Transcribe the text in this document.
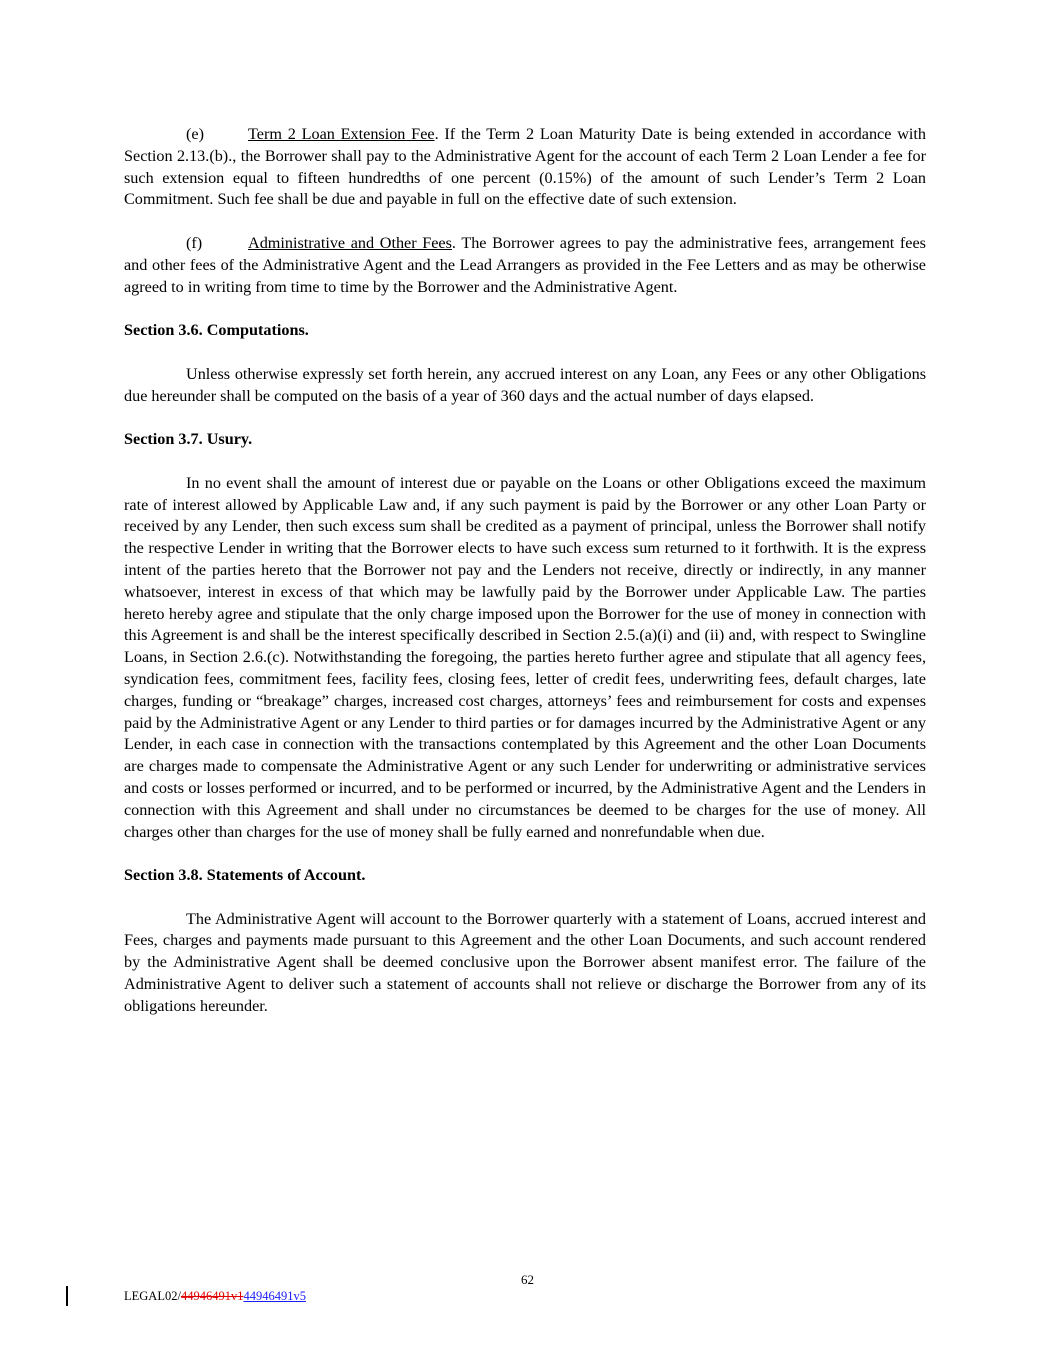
(e)	Term 2 Loan Extension Fee. If the Term 2 Loan Maturity Date is being extended in accordance with Section 2.13.(b)., the Borrower shall pay to the Administrative Agent for the account of each Term 2 Loan Lender a fee for such extension equal to fifteen hundredths of one percent (0.15%) of the amount of such Lender’s Term 2 Loan Commitment. Such fee shall be due and payable in full on the effective date of such extension.

(f)	Administrative and Other Fees. The Borrower agrees to pay the administrative fees, arrangement fees and other fees of the Administrative Agent and the Lead Arrangers as provided in the Fee Letters and as may be otherwise agreed to in writing from time to time by the Borrower and the Administrative Agent.

Section 3.6. Computations.

Unless otherwise expressly set forth herein, any accrued interest on any Loan, any Fees or any other Obligations due hereunder shall be computed on the basis of a year of 360 days and the actual number of days elapsed.

Section 3.7. Usury.

In no event shall the amount of interest due or payable on the Loans or other Obligations exceed the maximum rate of interest allowed by Applicable Law and, if any such payment is paid by the Borrower or any other Loan Party or received by any Lender, then such excess sum shall be credited as a payment of principal, unless the Borrower shall notify the respective Lender in writing that the Borrower elects to have such excess sum returned to it forthwith. It is the express intent of the parties hereto that the Borrower not pay and the Lenders not receive, directly or indirectly, in any manner whatsoever, interest in excess of that which may be lawfully paid by the Borrower under Applicable Law. The parties hereto hereby agree and stipulate that the only charge imposed upon the Borrower for the use of money in connection with this Agreement is and shall be the interest specifically described in Section 2.5.(a)(i) and (ii) and, with respect to Swingline Loans, in Section 2.6.(c). Notwithstanding the foregoing, the parties hereto further agree and stipulate that all agency fees, syndication fees, commitment fees, facility fees, closing fees, letter of credit fees, underwriting fees, default charges, late charges, funding or “breakage” charges, increased cost charges, attorneys’ fees and reimbursement for costs and expenses paid by the Administrative Agent or any Lender to third parties or for damages incurred by the Administrative Agent or any Lender, in each case in connection with the transactions contemplated by this Agreement and the other Loan Documents are charges made to compensate the Administrative Agent or any such Lender for underwriting or administrative services and costs or losses performed or incurred, and to be performed or incurred, by the Administrative Agent and the Lenders in connection with this Agreement and shall under no circumstances be deemed to be charges for the use of money. All charges other than charges for the use of money shall be fully earned and nonrefundable when due.

Section 3.8. Statements of Account.

The Administrative Agent will account to the Borrower quarterly with a statement of Loans, accrued interest and Fees, charges and payments made pursuant to this Agreement and the other Loan Documents, and such account rendered by the Administrative Agent shall be deemed conclusive upon the Borrower absent manifest error. The failure of the Administrative Agent to deliver such a statement of accounts shall not relieve or discharge the Borrower from any of its obligations hereunder.

62
LEGAL02/44946491v144946491v5
